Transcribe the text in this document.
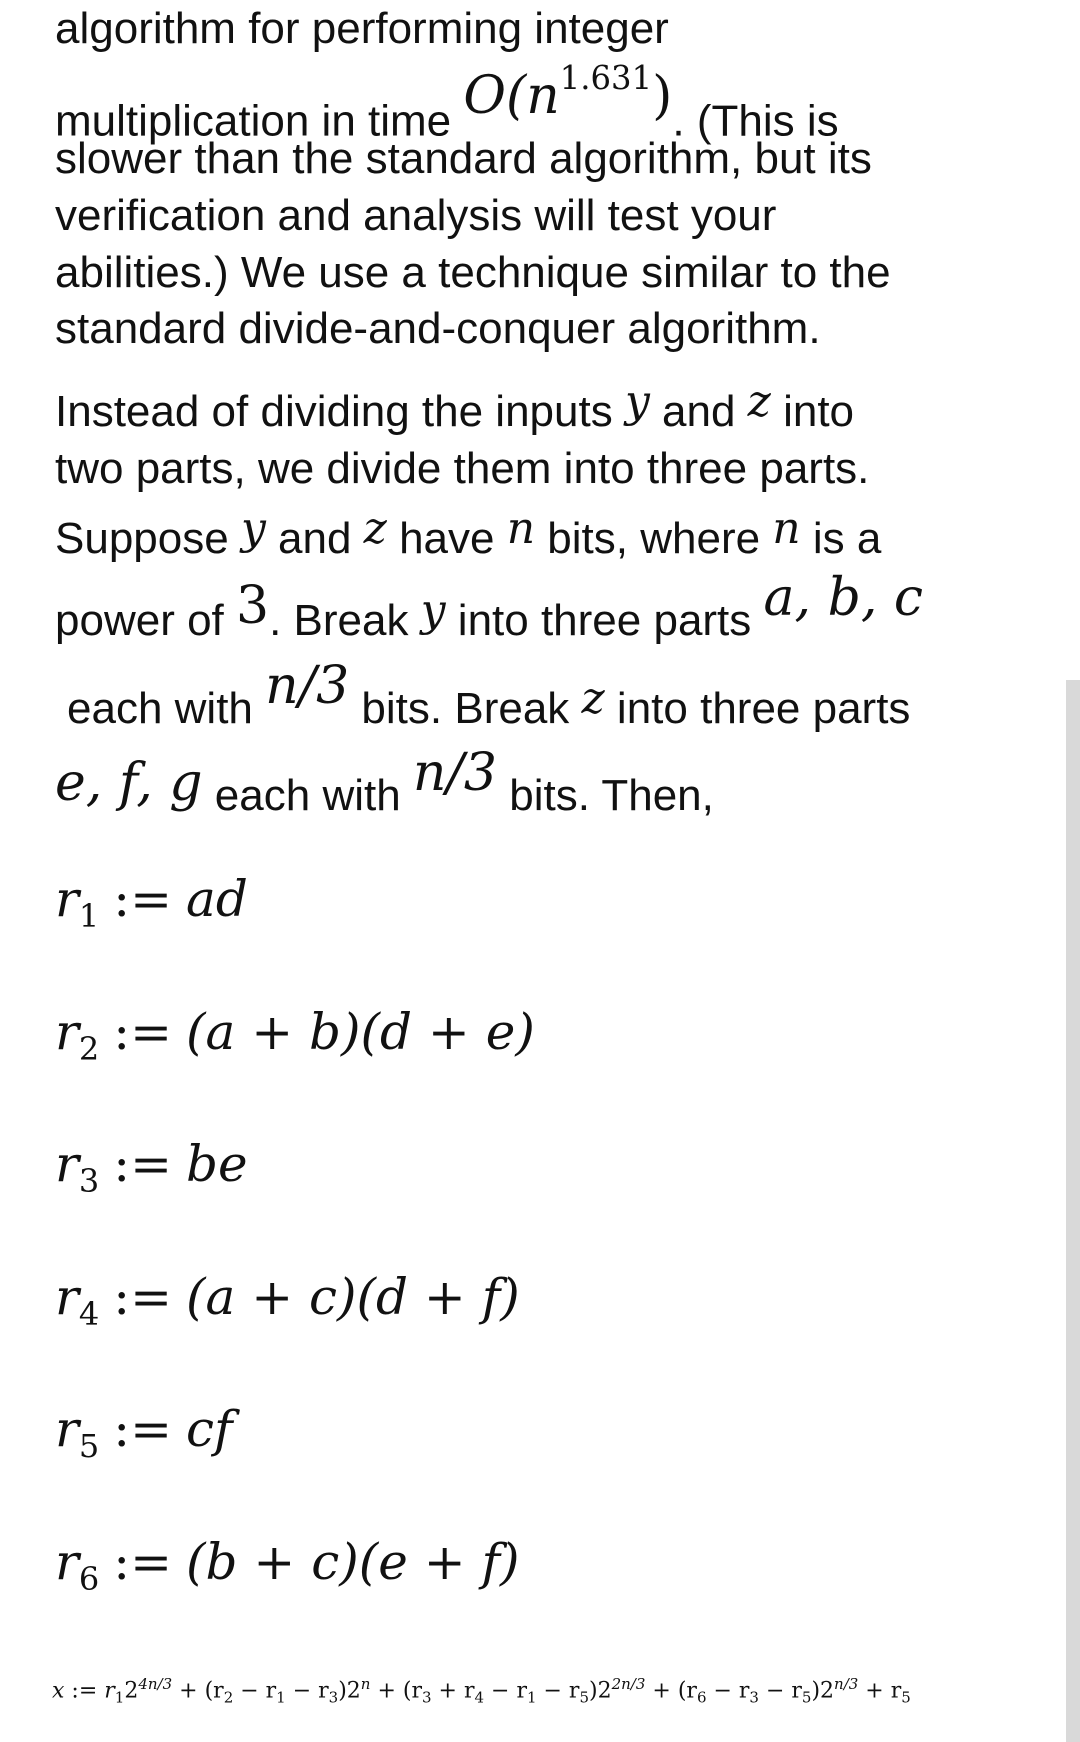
algorithm for performing integer
multiplication in time $O(n^{1.631})$. (This is
slower than the standard algorithm, but its
verification and analysis will test your
abilities.) We use a technique similar to the
standard divide-and-conquer algorithm.
Instead of dividing the inputs y and z into
two parts, we divide them into three parts.
Suppose y and z have n bits, where n is a
power of 3. Break y into three parts a, b, c
each with n/3 bits. Break z into three parts
e, f, g each with n/3 bits. Then,
$r_1$ := ad
$r_2$ := (a + b)(d + e)
$r_3$ := be
$r_4$ := (a + c)(d + f)
$r_5$ := cf
$r_6$ := (b + c)(e + f)
x := $r_12^{4n/3} + (r_2 - r_1 - r_3)2^n + (r_3 + r_4 - r_1 - r_5)2^{2n/3} + (r_6 - r_3 - r_5)2^{n/3} + r_5$
